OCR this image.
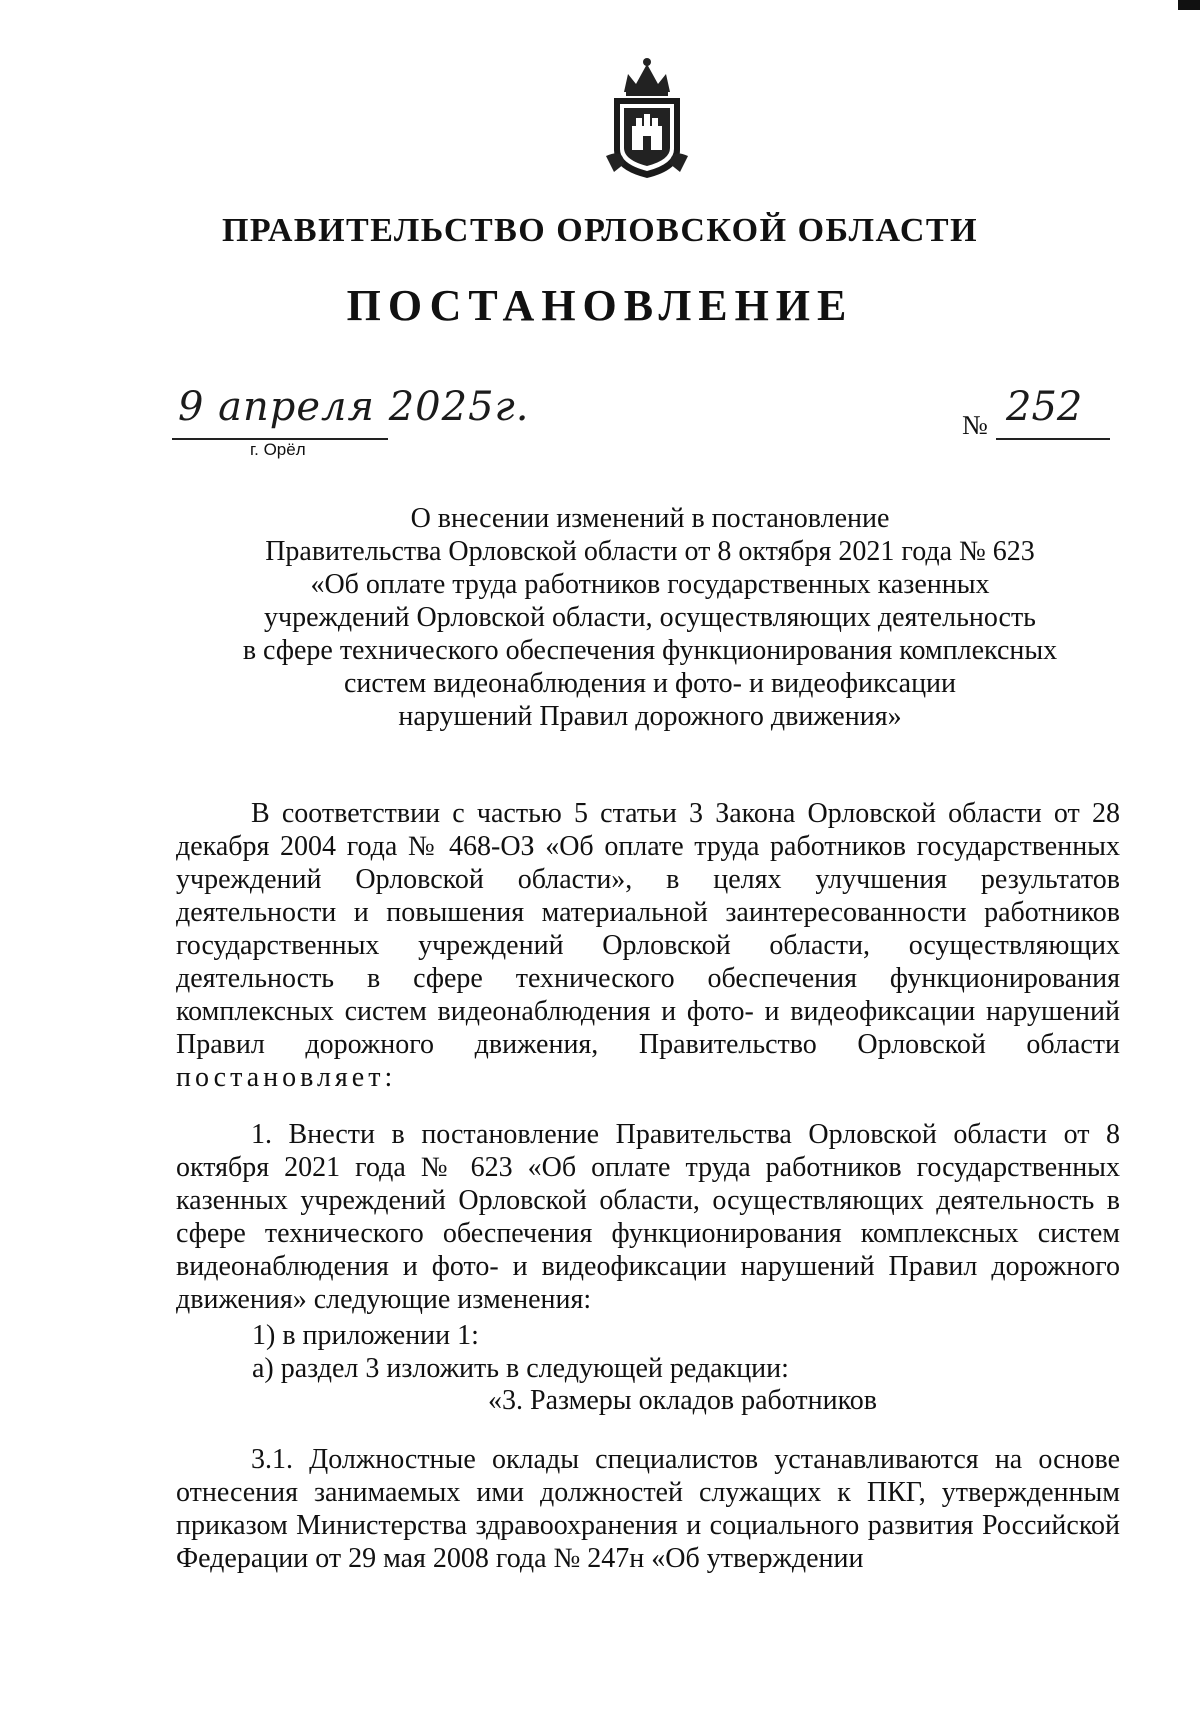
ПРАВИТЕЛЬСТВО ОРЛОВСКОЙ ОБЛАСТИ
ПОСТАНОВЛЕНИЕ
9 апреля 2025г.
г. Орёл
№ 252
О внесении изменений в постановление
Правительства Орловской области от 8 октября 2021 года № 623
«Об оплате труда работников государственных казенных
учреждений Орловской области, осуществляющих деятельность
в сфере технического обеспечения функционирования комплексных
систем видеонаблюдения и фото- и видеофиксации
нарушений Правил дорожного движения»
В соответствии с частью 5 статьи 3 Закона Орловской области от 28 декабря 2004 года № 468-ОЗ «Об оплате труда работников государственных учреждений Орловской области», в целях улучшения результатов деятельности и повышения материальной заинтересованности работников государственных учреждений Орловской области, осуществляющих деятельность в сфере технического обеспечения функционирования комплексных систем видеонаблюдения и фото- и видеофиксации нарушений Правил дорожного движения, Правительство Орловской области постановляет:
1. Внести в постановление Правительства Орловской области от 8 октября 2021 года № 623 «Об оплате труда работников государственных казенных учреждений Орловской области, осуществляющих деятельность в сфере технического обеспечения функционирования комплексных систем видеонаблюдения и фото- и видеофиксации нарушений Правил дорожного движения» следующие изменения:
1) в приложении 1:
а) раздел 3 изложить в следующей редакции:
«3. Размеры окладов работников
3.1. Должностные оклады специалистов устанавливаются на основе отнесения занимаемых ими должностей служащих к ПКГ, утвержденным приказом Министерства здравоохранения и социального развития Российской Федерации от 29 мая 2008 года № 247н «Об утверждении
